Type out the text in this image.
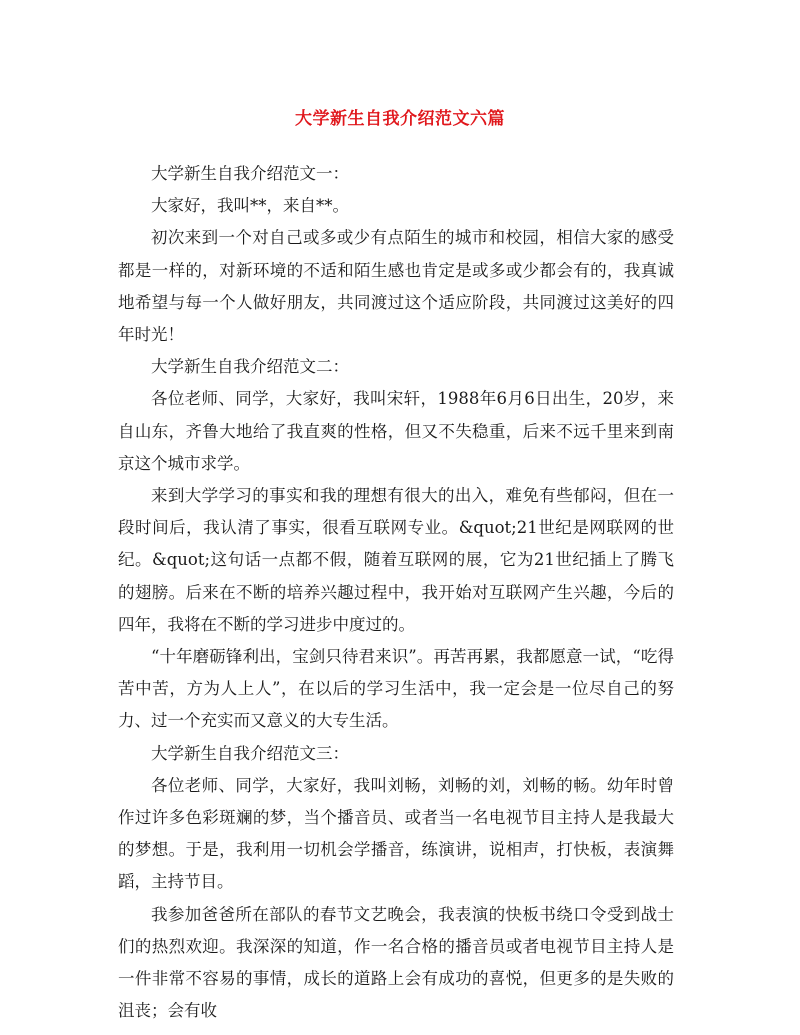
大学新生自我介绍范文六篇

大学新生自我介绍范文一：

大家好，我叫**，来自**。

初次来到一个对自己或多或少有点陌生的城市和校园，相信大家的感受都是一样的，对新环境的不适和陌生感也肯定是或多或少都会有的，我真诚地希望与每一个人做好朋友，共同渡过这个适应阶段，共同渡过这美好的四年时光！

大学新生自我介绍范文二：

各位老师、同学，大家好，我叫宋轩，1988年6月6日出生，20岁，来自山东，齐鲁大地给了我直爽的性格，但又不失稳重，后来不远千里来到南京这个城市求学。

来到大学学习的事实和我的理想有很大的出入，难免有些郁闷，但在一段时间后，我认清了事实，很看互联网专业。&quot;21世纪是网联网的世纪。&quot;这句话一点都不假，随着互联网的展，它为21世纪插上了腾飞的翅膀。后来在不断的培养兴趣过程中，我开始对互联网产生兴趣，今后的四年，我将在不断的学习进步中度过的。

“十年磨砺锋利出，宝剑只待君来识”。再苦再累，我都愿意一试，“吃得苦中苦，方为人上人”，在以后的学习生活中，我一定会是一位尽自己的努力、过一个充实而又意义的大专生活。

大学新生自我介绍范文三：

各位老师、同学，大家好，我叫刘畅，刘畅的刘，刘畅的畅。幼年时曾作过许多色彩斑斓的梦，当个播音员、或者当一名电视节目主持人是我最大的梦想。于是，我利用一切机会学播音，练演讲，说相声，打快板，表演舞蹈，主持节目。

我参加爸爸所在部队的春节文艺晚会，我表演的快板书绕口令受到战士们的热烈欢迎。我深深的知道，作一名合格的播音员或者电视节目主持人是一件非常不容易的事情，成长的道路上会有成功的喜悦，但更多的是失败的沮丧；会有收
